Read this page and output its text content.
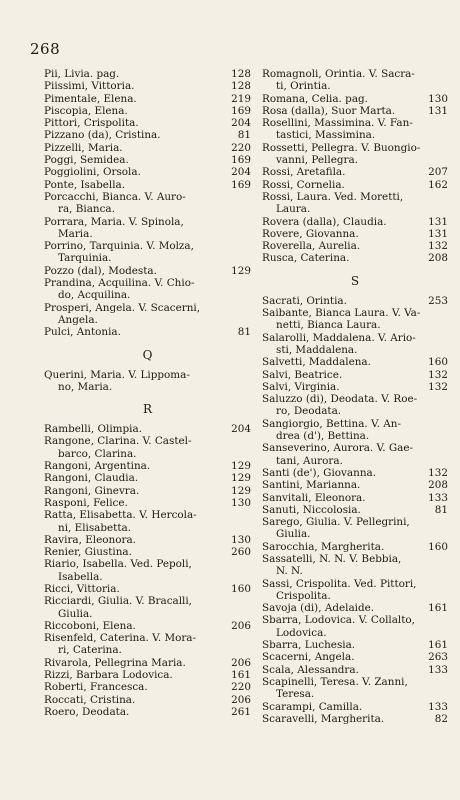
268
Pii, Livia. pag.	128
Piissimi, Vittoria.	128
Pimentale, Elena.	219
Piscopia, Elena.	169
Pittori, Crispolita.	204
Pizzano (da), Cristina.	81
Pizzelli, Maria.	220
Poggi, Semidea.	169
Poggiolini, Orsola.	204
Ponte, Isabella.	169
Porcacchi, Bianca. V. Auro-
ra, Bianca.
Porrara, Maria. V. Spinola,
Maria.
Porrino, Tarquinia. V. Molza,
Tarquinia.
Pozzo (dal), Modesta.	129
Prandina, Acquilina. V. Chio-
do, Acquilina.
Prosperi, Angela. V. Scacerni,
Angela.
Pulci, Antonia.	81
Q
Querini, Maria. V. Lippoma-
no, Maria.
R
Rambelli, Olimpia.	204
Rangone, Clarina. V. Castel-
barco, Clarina.
Rangoni, Argentina.	129
Rangoni, Claudia.	129
Rangoni, Ginevra.	129
Rasponi, Felice.	130
Ratta, Elisabetta. V. Hercola-
ni, Elisabetta.
Ravira, Eleonora.	130
Renier, Giustina.	260
Riario, Isabella. Ved. Pepoli,
Isabella.
Ricci, Vittoria.	160
Ricciardi, Giulia. V. Bracalli,
Giulia.
Riccoboni, Elena.	206
Risenfeld, Caterina. V. Mora-
ri, Caterina.
Rivarola, Pellegrina Maria.	206
Rizzi, Barbara Lodovica.	161
Roberti, Francesca.	220
Roccati, Cristina.	206
Roero, Deodata.	261
Romagnoli, Orintia. V. Sacra-
ti, Orintia.
Romana, Celia. pag.	130
Rosa (dalla), Suor Marta.	131
Rosellini, Massimina. V. Fan-
tastici, Massimina.
Rossetti, Pellegra. V. Buongio-
vanni, Pellegra.
Rossi, Aretafila.	207
Rossi, Cornelia.	162
Rossi, Laura. Ved. Moretti,
Laura.
Rovera (dalla), Claudia.	131
Rovere, Giovanna.	131
Roverella, Aurelia.	132
Rusca, Caterina.	208
S
Sacrati, Orintia.	253
Saibante, Bianca Laura. V. Va-
netti, Bianca Laura.
Salarolli, Maddalena. V. Ario-
sti, Maddalena.
Salvetti, Maddalena.	160
Salvi, Beatrice.	132
Salvi, Virginia.	132
Saluzzo (di), Deodata. V. Roe-
ro, Deodata.
Sangiorgio, Bettina. V. An-
drea (d'), Bettina.
Sanseverino, Aurora. V. Gae-
tani, Aurora.
Santi (de'), Giovanna.	132
Santini, Marianna.	208
Sanvitali, Eleonora.	133
Sanuti, Niccolosia.	81
Sarego, Giulia. V. Pellegrini,
Giulia.
Sarocchia, Margherita.	160
Sassatelli, N. N. V. Bebbia,
N. N.
Sassi, Crispolita. Ved. Pittori,
Crispolita.
Savoja (di), Adelaide.	161
Sbarra, Lodovica. V. Collalto,
Lodovica.
Sbarra, Luchesia.	161
Scacerni, Angela.	263
Scala, Alessandra.	133
Scapinelli, Teresa. V. Zanni,
Teresa.
Scarampi, Camilla.	133
Scaravelli, Margherita.	82
